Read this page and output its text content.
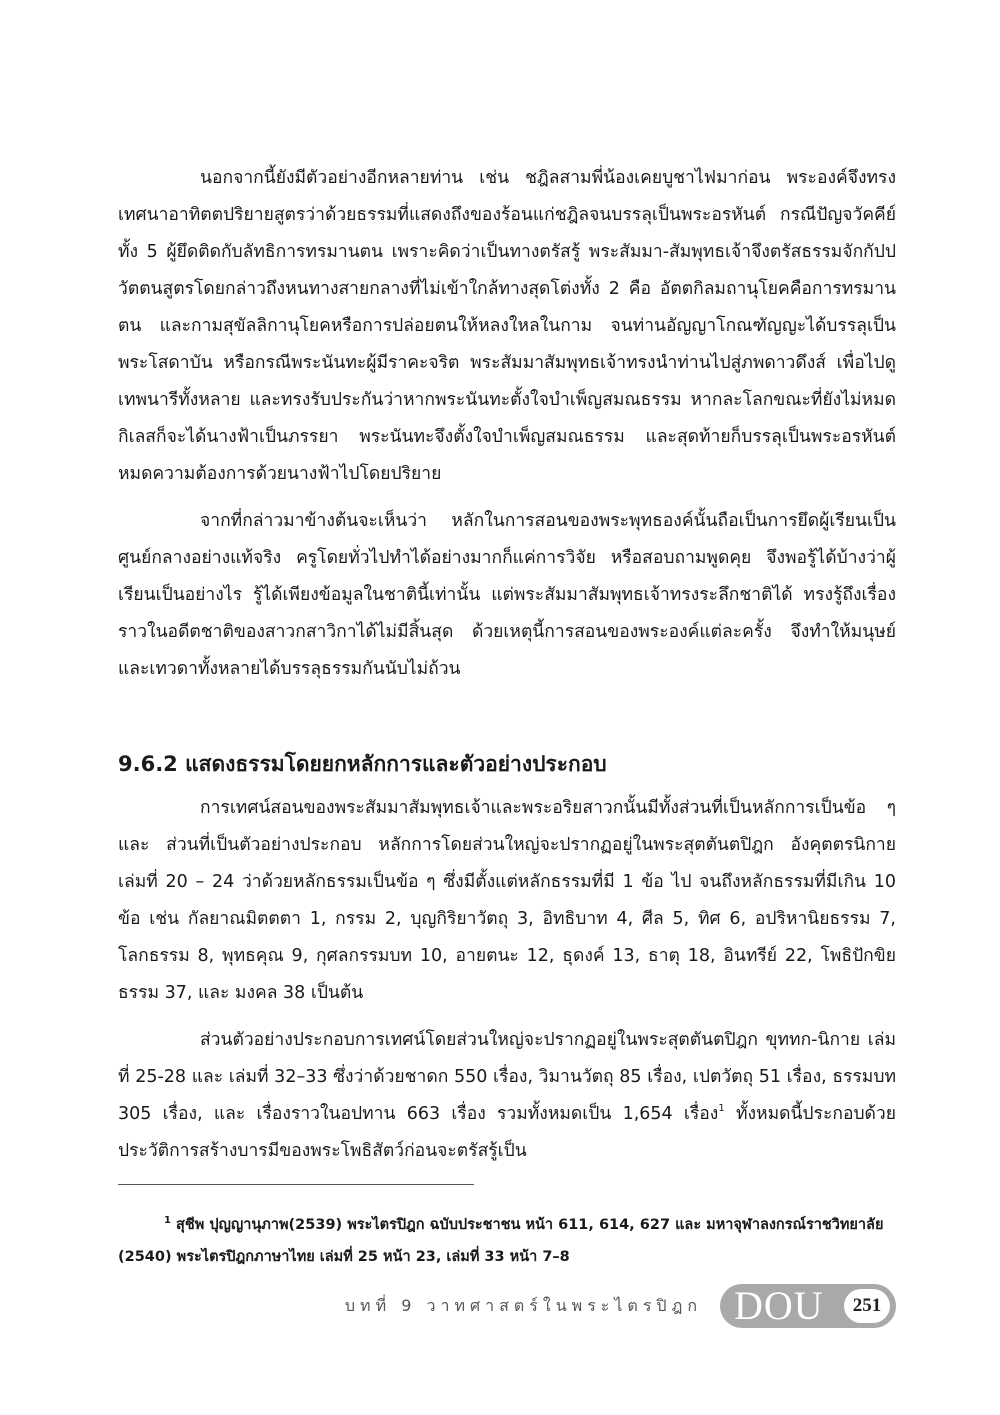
นอกจากนี้ยังมีตัวอย่างอีกหลายท่าน เช่น ชฎิลสามพี่น้องเคยบูชาไฟมาก่อน พระองค์จึงทรงเทศนาอาทิตตปริยายสูตรว่าด้วยธรรมที่แสดงถึงของร้อนแก่ชฎิลจนบรรลุเป็นพระอรหันต์ กรณีปัญจวัคคีย์ทั้ง 5 ผู้ยึดติดกับลัทธิการทรมานตน เพราะคิดว่าเป็นทางตรัสรู้ พระสัมมา-สัมพุทธเจ้าจึงตรัสธรรมจักกัปปวัตตนสูตรโดยกล่าวถึงหนทางสายกลางที่ไม่เข้าใกล้ทางสุดโต่งทั้ง 2 คือ อัตตกิลมถานุโยคคือการทรมานตน และกามสุขัลลิกานุโยคหรือการปล่อยตนให้หลงใหลในกาม จนท่านอัญญาโกณฑัญญะได้บรรลุเป็นพระโสดาบัน หรือกรณีพระนันทะผู้มีราคะจริต พระสัมมาสัมพุทธเจ้าทรงนำท่านไปสู่ภพดาวดึงส์ เพื่อไปดูเทพนารีทั้งหลาย และทรงรับประกันว่าหากพระนันทะตั้งใจบำเพ็ญสมณธรรม หากละโลกขณะที่ยังไม่หมดกิเลสก็จะได้นางฟ้าเป็นภรรยา พระนันทะจึงตั้งใจบำเพ็ญสมณธรรม และสุดท้ายก็บรรลุเป็นพระอรหันต์ หมดความต้องการด้วยนางฟ้าไปโดยปริยาย

จากที่กล่าวมาข้างต้นจะเห็นว่า หลักในการสอนของพระพุทธองค์นั้นถือเป็นการยึดผู้เรียนเป็นศูนย์กลางอย่างแท้จริง ครูโดยทั่วไปทำได้อย่างมากก็แค่การวิจัย หรือสอบถามพูดคุย จึงพอรู้ได้บ้างว่าผู้เรียนเป็นอย่างไร รู้ได้เพียงข้อมูลในชาตินี้เท่านั้น แต่พระสัมมาสัมพุทธเจ้าทรงระลึกชาติได้ ทรงรู้ถึงเรื่องราวในอดีตชาติของสาวกสาวิกาได้ไม่มีสิ้นสุด ด้วยเหตุนี้การสอนของพระองค์แต่ละครั้ง จึงทำให้มนุษย์และเทวดาทั้งหลายได้บรรลุธรรมกันนับไม่ถ้วน

9.6.2 แสดงธรรมโดยยกหลักการและตัวอย่างประกอบ

การเทศน์สอนของพระสัมมาสัมพุทธเจ้าและพระอริยสาวกนั้นมีทั้งส่วนที่เป็นหลักการเป็นข้อ ๆ และ ส่วนที่เป็นตัวอย่างประกอบ หลักการโดยส่วนใหญ่จะปรากฏอยู่ในพระสุตตันตปิฎก อังคุตตรนิกาย เล่มที่ 20 – 24 ว่าด้วยหลักธรรมเป็นข้อ ๆ ซึ่งมีตั้งแต่หลักธรรมที่มี 1 ข้อ ไป จนถึงหลักธรรมที่มีเกิน 10 ข้อ เช่น กัลยาณมิตตตา 1, กรรม 2, บุญกิริยาวัตถุ 3, อิทธิบาท 4, ศีล 5, ทิศ 6, อปริหานิยธรรม 7, โลกธรรม 8, พุทธคุณ 9, กุศลกรรมบท 10, อายตนะ 12, ธุดงค์ 13, ธาตุ 18, อินทรีย์ 22, โพธิปักขิยธรรม 37, และ มงคล 38 เป็นต้น

ส่วนตัวอย่างประกอบการเทศน์โดยส่วนใหญ่จะปรากฏอยู่ในพระสุตตันตปิฎก ขุททก-นิกาย เล่มที่ 25-28 และ เล่มที่ 32–33 ซึ่งว่าด้วยชาดก 550 เรื่อง, วิมานวัตถุ 85 เรื่อง, เปตวัตถุ 51 เรื่อง, ธรรมบท 305 เรื่อง, และ เรื่องราวในอปทาน 663 เรื่อง รวมทั้งหมดเป็น 1,654 เรื่อง$^1$ ทั้งหมดนี้ประกอบด้วยประวัติการสร้างบารมีของพระโพธิสัตว์ก่อนจะตรัสรู้เป็น

$^1$ สุชีพ ปุญญานุภาพ(2539) พระไตรปิฎก ฉบับประชาชน หน้า 611, 614, 627 และ มหาจุฬาลงกรณ์ราชวิทยาลัย (2540) พระไตรปิฎกภาษาไทย เล่มที่ 25 หน้า 23, เล่มที่ 33 หน้า 7–8

บทที่ 9 วาทศาสตร์ในพระไตรปิฎก DOU	251
